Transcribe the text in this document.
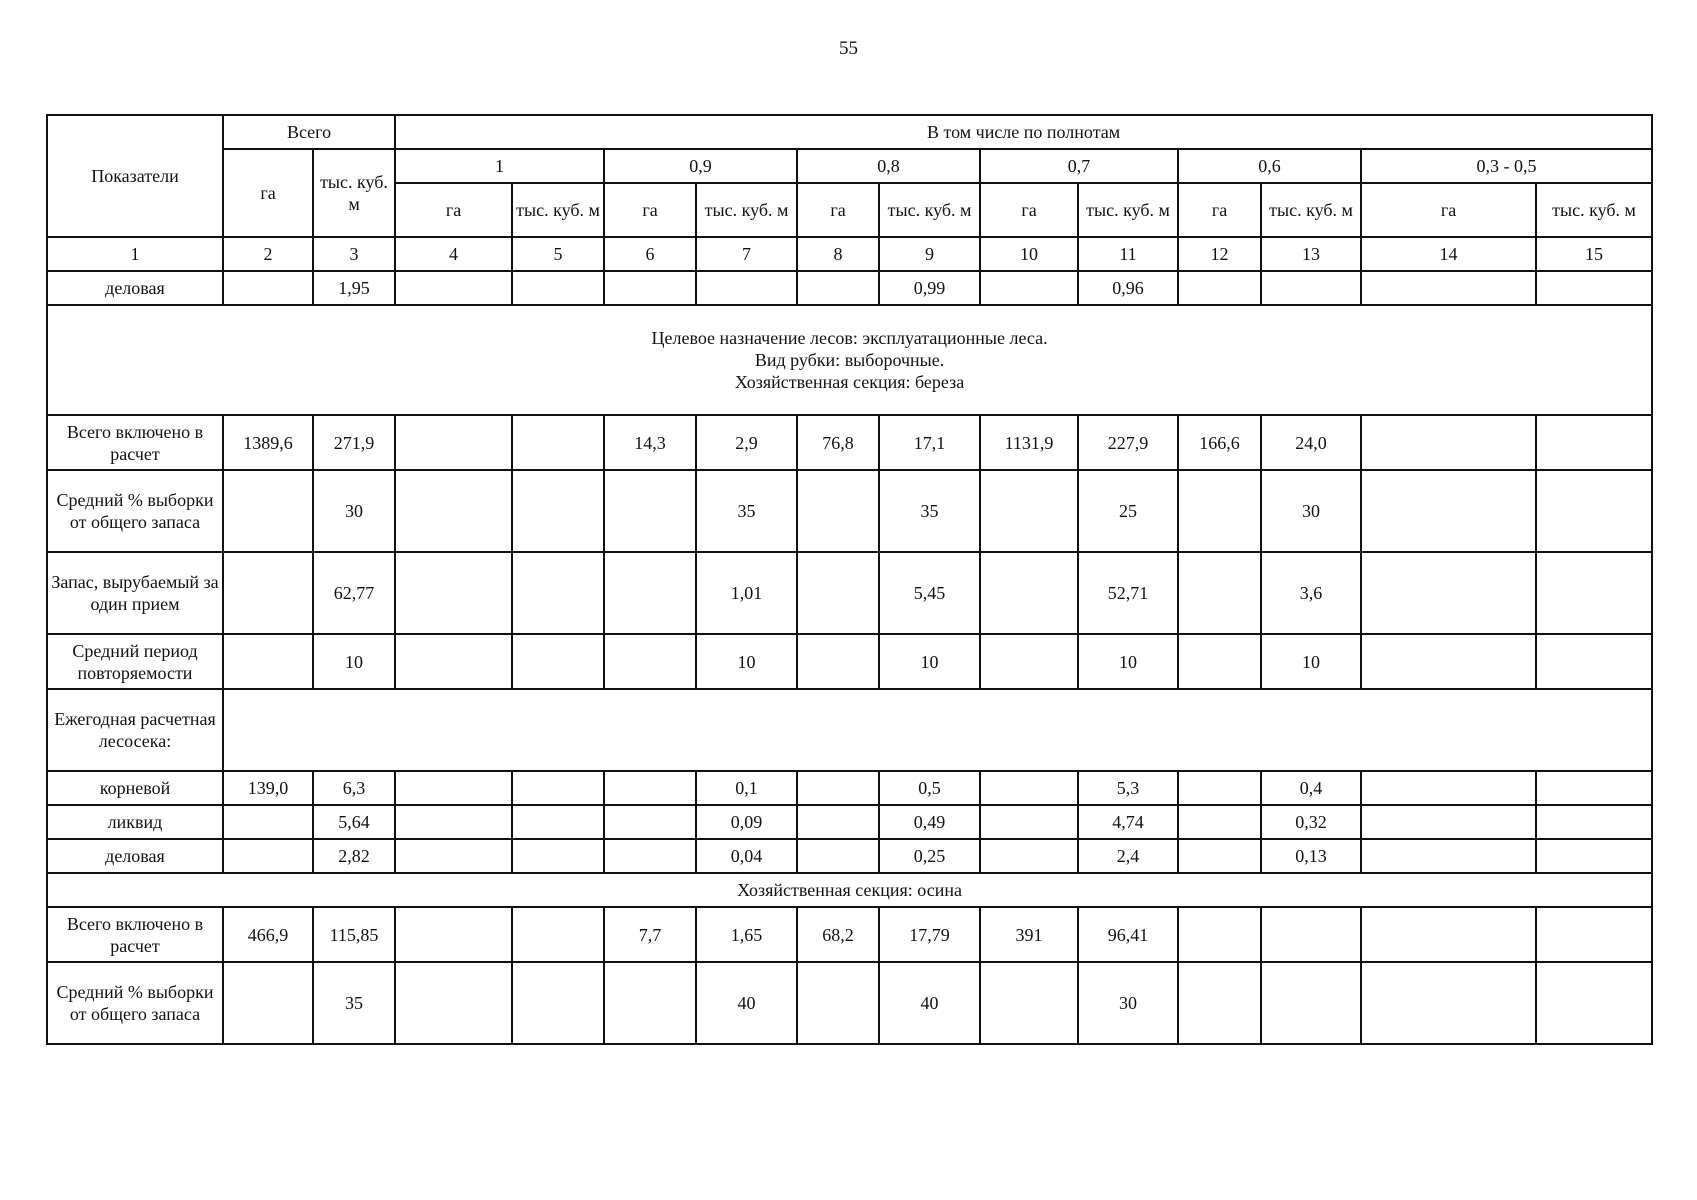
55
Показатели	Всего		В том числе по полнотам											
	га	тыс. куб. м	1		0,9		0,8		0,7		0,6		0,3 - 0,5	
			га	тыс. куб. м	га	тыс. куб. м	га	тыс. куб. м	га	тыс. куб. м	га	тыс. куб. м	га	тыс. куб. м
1	2	3	4	5	6	7	8	9	10	11	12	13	14	15
деловая		1,95						0,99		0,96				

Целевое назначение лесов: эксплуатационные леса.
Вид рубки: выборочные.
Хозяйственная секция: береза														

Всего включено в расчет	1389,6	271,9			14,3	2,9	76,8	17,1	1131,9	227,9	166,6	24,0		
Средний % выборки от общего запаса		30				35		35		25		30		
Запас, вырубаемый за один прием		62,77				1,01		5,45		52,71		3,6		
Средний период повторяемости		10				10		10		10		10		
Ежегодная расчетная лесосека:														
корневой	139,0	6,3				0,1		0,5		5,3		0,4		
ликвид		5,64				0,09		0,49		4,74		0,32		
деловая		2,82				0,04		0,25		2,4		0,13		
Хозяйственная секция: осина														
Всего включено в расчет	466,9	115,85			7,7	1,65	68,2	17,79	391	96,41				
Средний % выборки от общего запаса		35				40		40		30				
